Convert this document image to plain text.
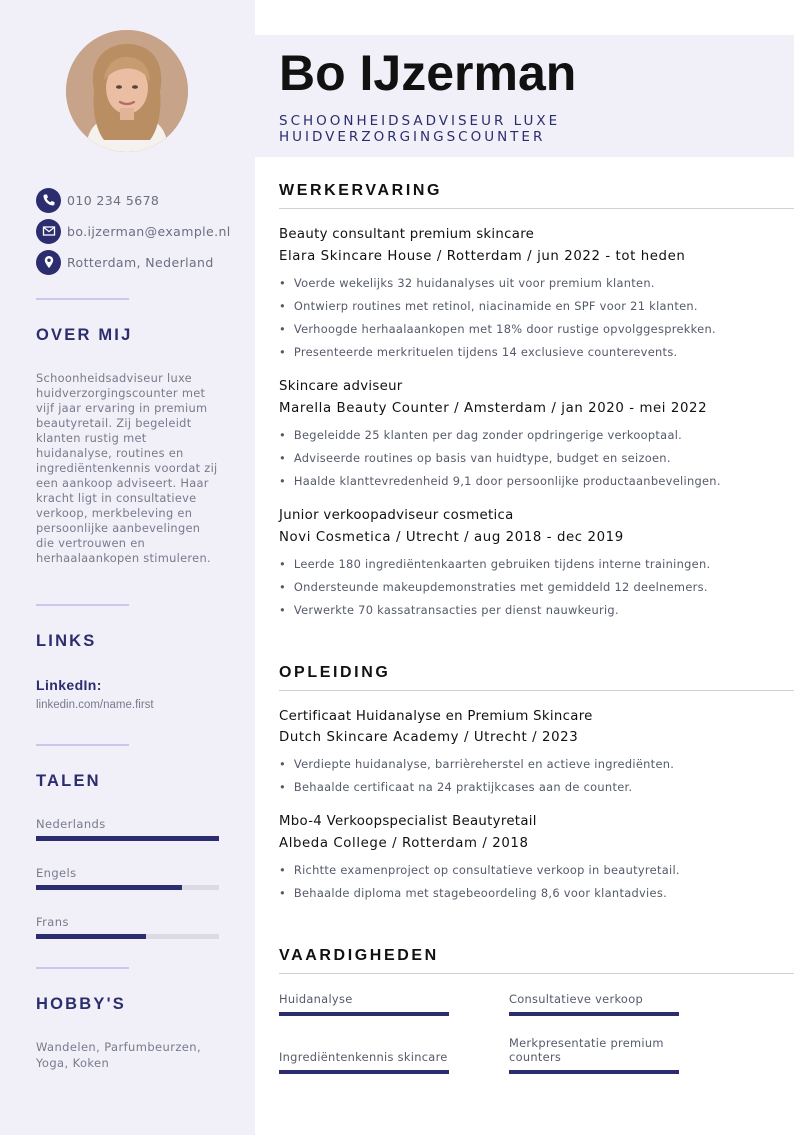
010 234 5678
bo.ijzerman@example.nl
Rotterdam, Nederland
OVER MIJ
Schoonheidsadviseur luxe huidverzorgingscounter met vijf jaar ervaring in premium beautyretail. Zij begeleidt klanten rustig met huidanalyse, routines en ingrediëntenkennis voordat zij een aankoop adviseert. Haar kracht ligt in consultatieve verkoop, merkbeleving en persoonlijke aanbevelingen die vertrouwen en herhaalaankopen stimuleren.
LINKS
LinkedIn:
linkedin.com/name.first
TALEN
Nederlands
Engels
Frans
HOBBY'S
Wandelen, Parfumbeurzen, Yoga, Koken
Bo IJzerman
SCHOONHEIDSADVISEUR LUXE HUIDVERZORGINGSCOUNTER
WERKERVARING
Beauty consultant premium skincare
Elara Skincare House / Rotterdam / jun 2022 - tot heden
•  Voerde wekelijks 32 huidanalyses uit voor premium klanten.
•  Ontwierp routines met retinol, niacinamide en SPF voor 21 klanten.
•  Verhoogde herhaalaankopen met 18% door rustige opvolggesprekken.
•  Presenteerde merkrituelen tijdens 14 exclusieve counterevents.
Skincare adviseur
Marella Beauty Counter / Amsterdam / jan 2020 - mei 2022
•  Begeleidde 25 klanten per dag zonder opdringerige verkooptaal.
•  Adviseerde routines op basis van huidtype, budget en seizoen.
•  Haalde klanttevredenheid 9,1 door persoonlijke productaanbevelingen.
Junior verkoopadviseur cosmetica
Novi Cosmetica / Utrecht / aug 2018 - dec 2019
•  Leerde 180 ingrediëntenkaarten gebruiken tijdens interne trainingen.
•  Ondersteunde makeupdemonstraties met gemiddeld 12 deelnemers.
•  Verwerkte 70 kassatransacties per dienst nauwkeurig.
OPLEIDING
Certificaat Huidanalyse en Premium Skincare
Dutch Skincare Academy / Utrecht / 2023
•  Verdiepte huidanalyse, barrièreherstel en actieve ingrediënten.
•  Behaalde certificaat na 24 praktijkcases aan de counter.
Mbo-4 Verkoopspecialist Beautyretail
Albeda College / Rotterdam / 2018
•  Richtte examenproject op consultatieve verkoop in beautyretail.
•  Behaalde diploma met stagebeoordeling 8,6 voor klantadvies.
VAARDIGHEDEN
Huidanalyse	Consultatieve verkoop
Ingrediëntenkennis skincare
Merkpresentatie premium counters
